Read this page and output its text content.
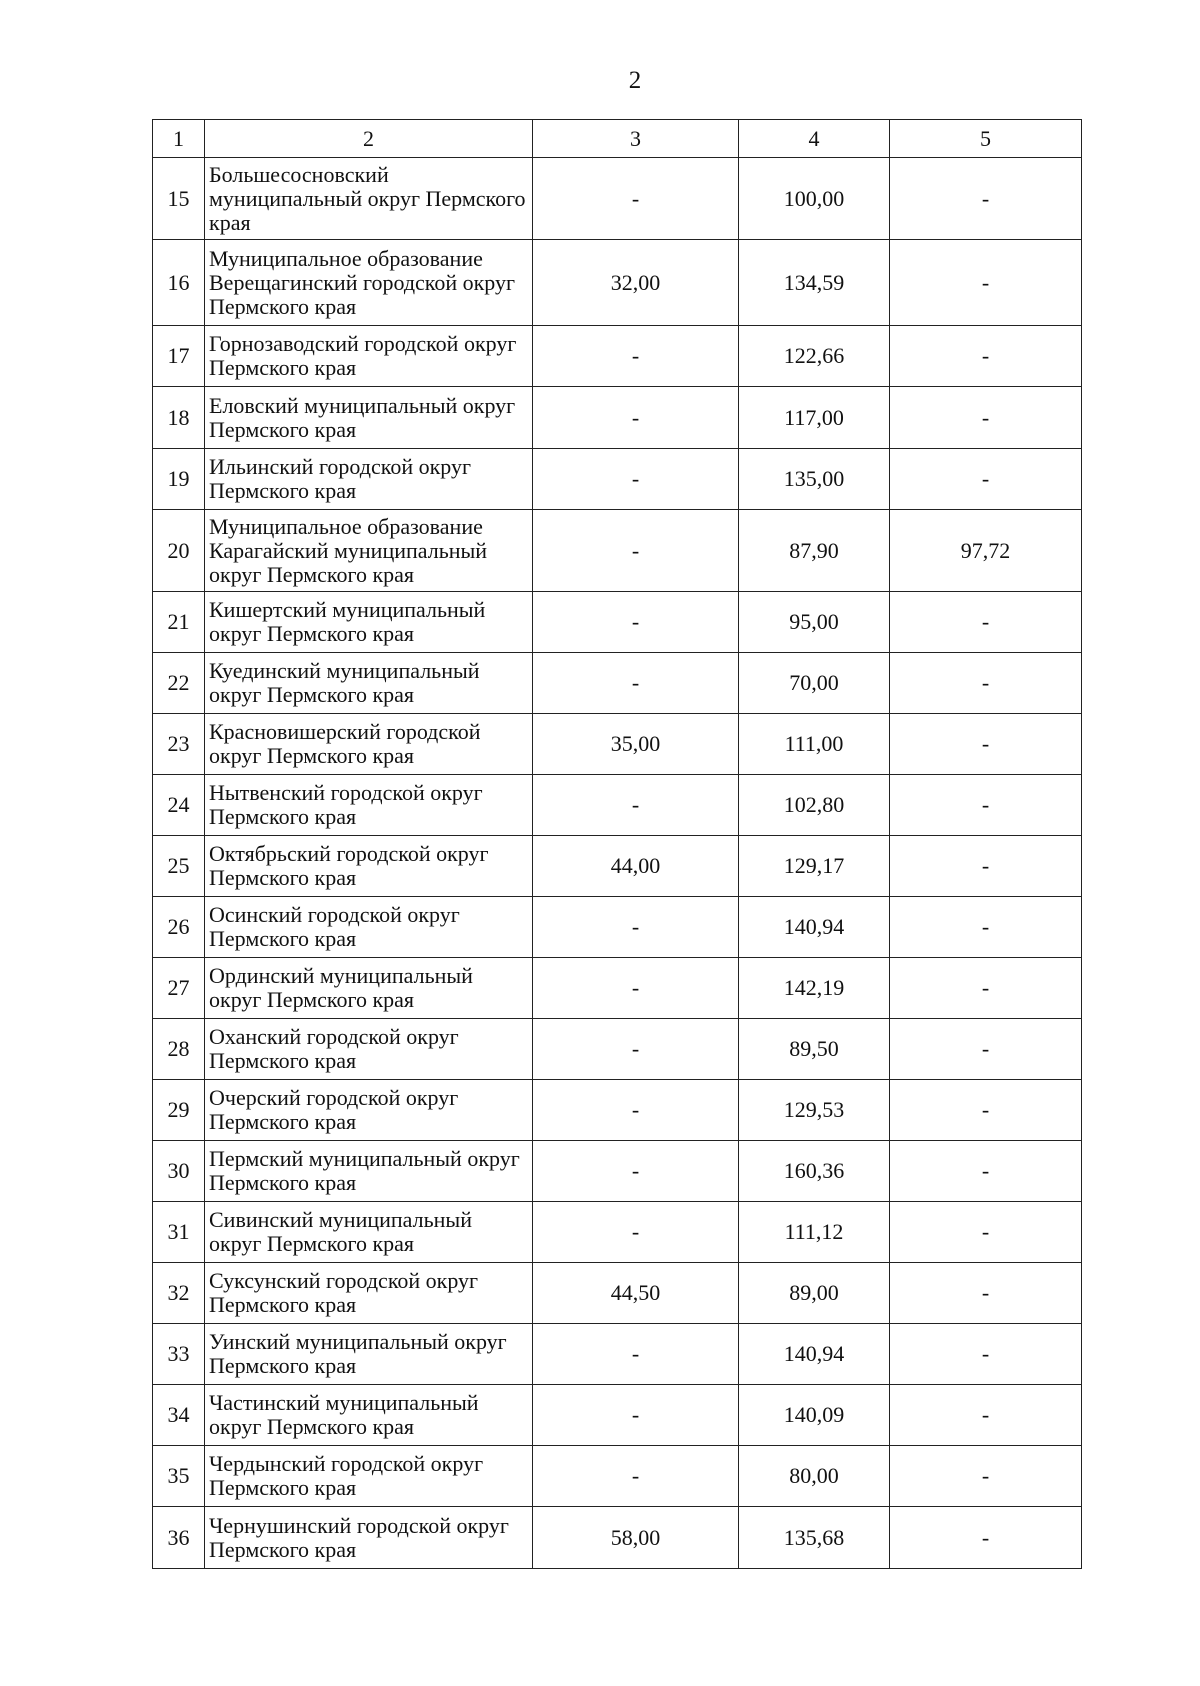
2
1	2	3	4	5
15	Большесосновский муниципальный округ Пермского края	-	100,00	-
16	Муниципальное образование Верещагинский городской округ Пермского края	32,00	134,59	-
17	Горнозаводский городской округ Пермского края	-	122,66	-
18	Еловский муниципальный округ Пермского края	-	117,00	-
19	Ильинский городской округ Пермского края	-	135,00	-
20	Муниципальное образование Карагайский муниципальный округ Пермского края	-	87,90	97,72
21	Кишертский муниципальный округ Пермского края	-	95,00	-
22	Куединский муниципальный округ Пермского края	-	70,00	-
23	Красновишерский городской округ Пермского края	35,00	111,00	-
24	Нытвенский городской округ Пермского края	-	102,80	-
25	Октябрьский городской округ Пермского края	44,00	129,17	-
26	Осинский городской округ Пермского края	-	140,94	-
27	Ординский муниципальный округ Пермского края	-	142,19	-
28	Оханский городской округ Пермского края	-	89,50	-
29	Очерский городской округ Пермского края	-	129,53	-
30	Пермский муниципальный округ Пермского края	-	160,36	-
31	Сивинский муниципальный округ Пермского края	-	111,12	-
32	Суксунский городской округ Пермского края	44,50	89,00	-
33	Уинский муниципальный округ Пермского края	-	140,94	-
34	Частинский муниципальный округ Пермского края	-	140,09	-
35	Чердынский городской округ Пермского края	-	80,00	-
36	Чернушинский городской округ Пермского края	58,00	135,68	-
